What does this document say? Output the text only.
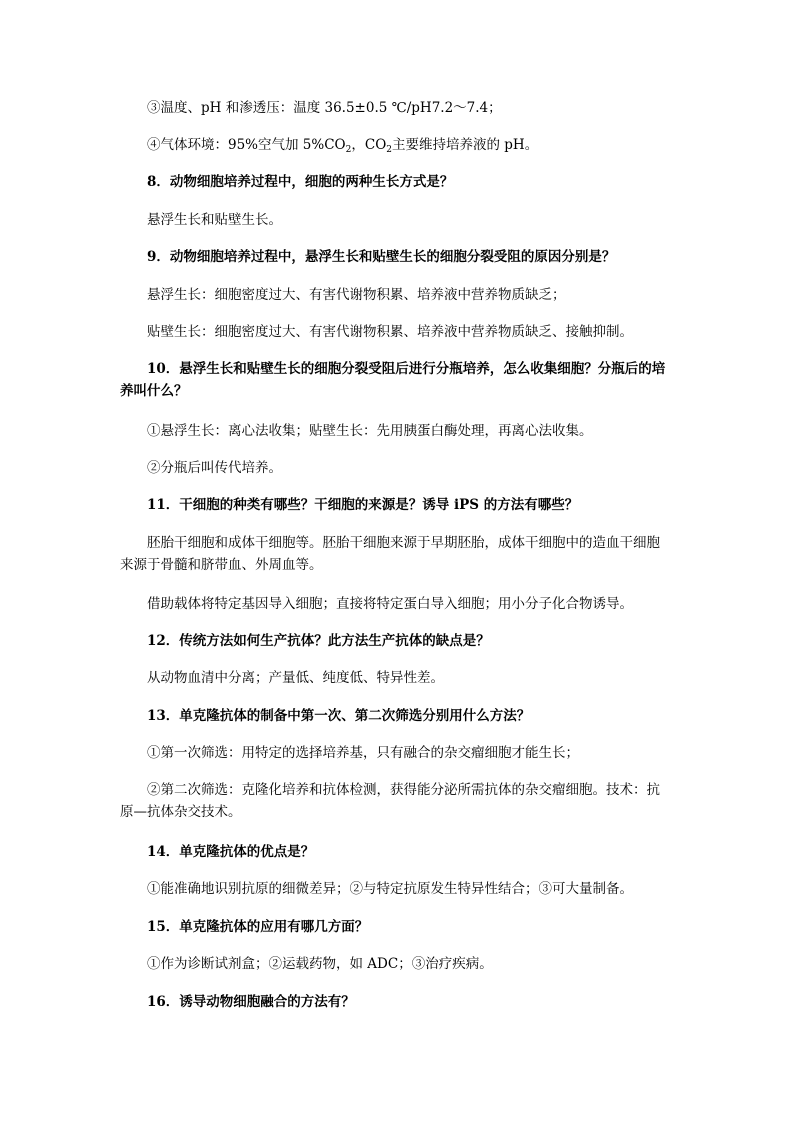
③温度、pH 和渗透压：温度 36.5±0.5 ℃/pH7.2～7.4；
④气体环境：95%空气加 $5\%CO_2$，$CO_2$主要维持培养液的 pH。
8．动物细胞培养过程中，细胞的两种生长方式是？
悬浮生长和贴壁生长。
9．动物细胞培养过程中，悬浮生长和贴壁生长的细胞分裂受阻的原因分别是？
悬浮生长：细胞密度过大、有害代谢物积累、培养液中营养物质缺乏；
贴壁生长：细胞密度过大、有害代谢物积累、培养液中营养物质缺乏、接触抑制。
10．悬浮生长和贴壁生长的细胞分裂受阻后进行分瓶培养，怎么收集细胞？分瓶后的培
养叫什么？
①悬浮生长：离心法收集；贴壁生长：先用胰蛋白酶处理，再离心法收集。
②分瓶后叫传代培养。
11．干细胞的种类有哪些？干细胞的来源是？诱导 iPS 的方法有哪些？
胚胎干细胞和成体干细胞等。胚胎干细胞来源于早期胚胎，成体干细胞中的造血干细胞
来源于骨髓和脐带血、外周血等。
借助载体将特定基因导入细胞；直接将特定蛋白导入细胞；用小分子化合物诱导。
12．传统方法如何生产抗体？此方法生产抗体的缺点是？
从动物血清中分离；产量低、纯度低、特异性差。
13．单克隆抗体的制备中第一次、第二次筛选分别用什么方法？
①第一次筛选：用特定的选择培养基，只有融合的杂交瘤细胞才能生长；
②第二次筛选：克隆化培养和抗体检测，获得能分泌所需抗体的杂交瘤细胞。技术：抗
原—抗体杂交技术。
14．单克隆抗体的优点是？
①能准确地识别抗原的细微差异；②与特定抗原发生特异性结合；③可大量制备。
15．单克隆抗体的应用有哪几方面？
①作为诊断试剂盒；②运载药物，如 ADC；③治疗疾病。
16．诱导动物细胞融合的方法有？
